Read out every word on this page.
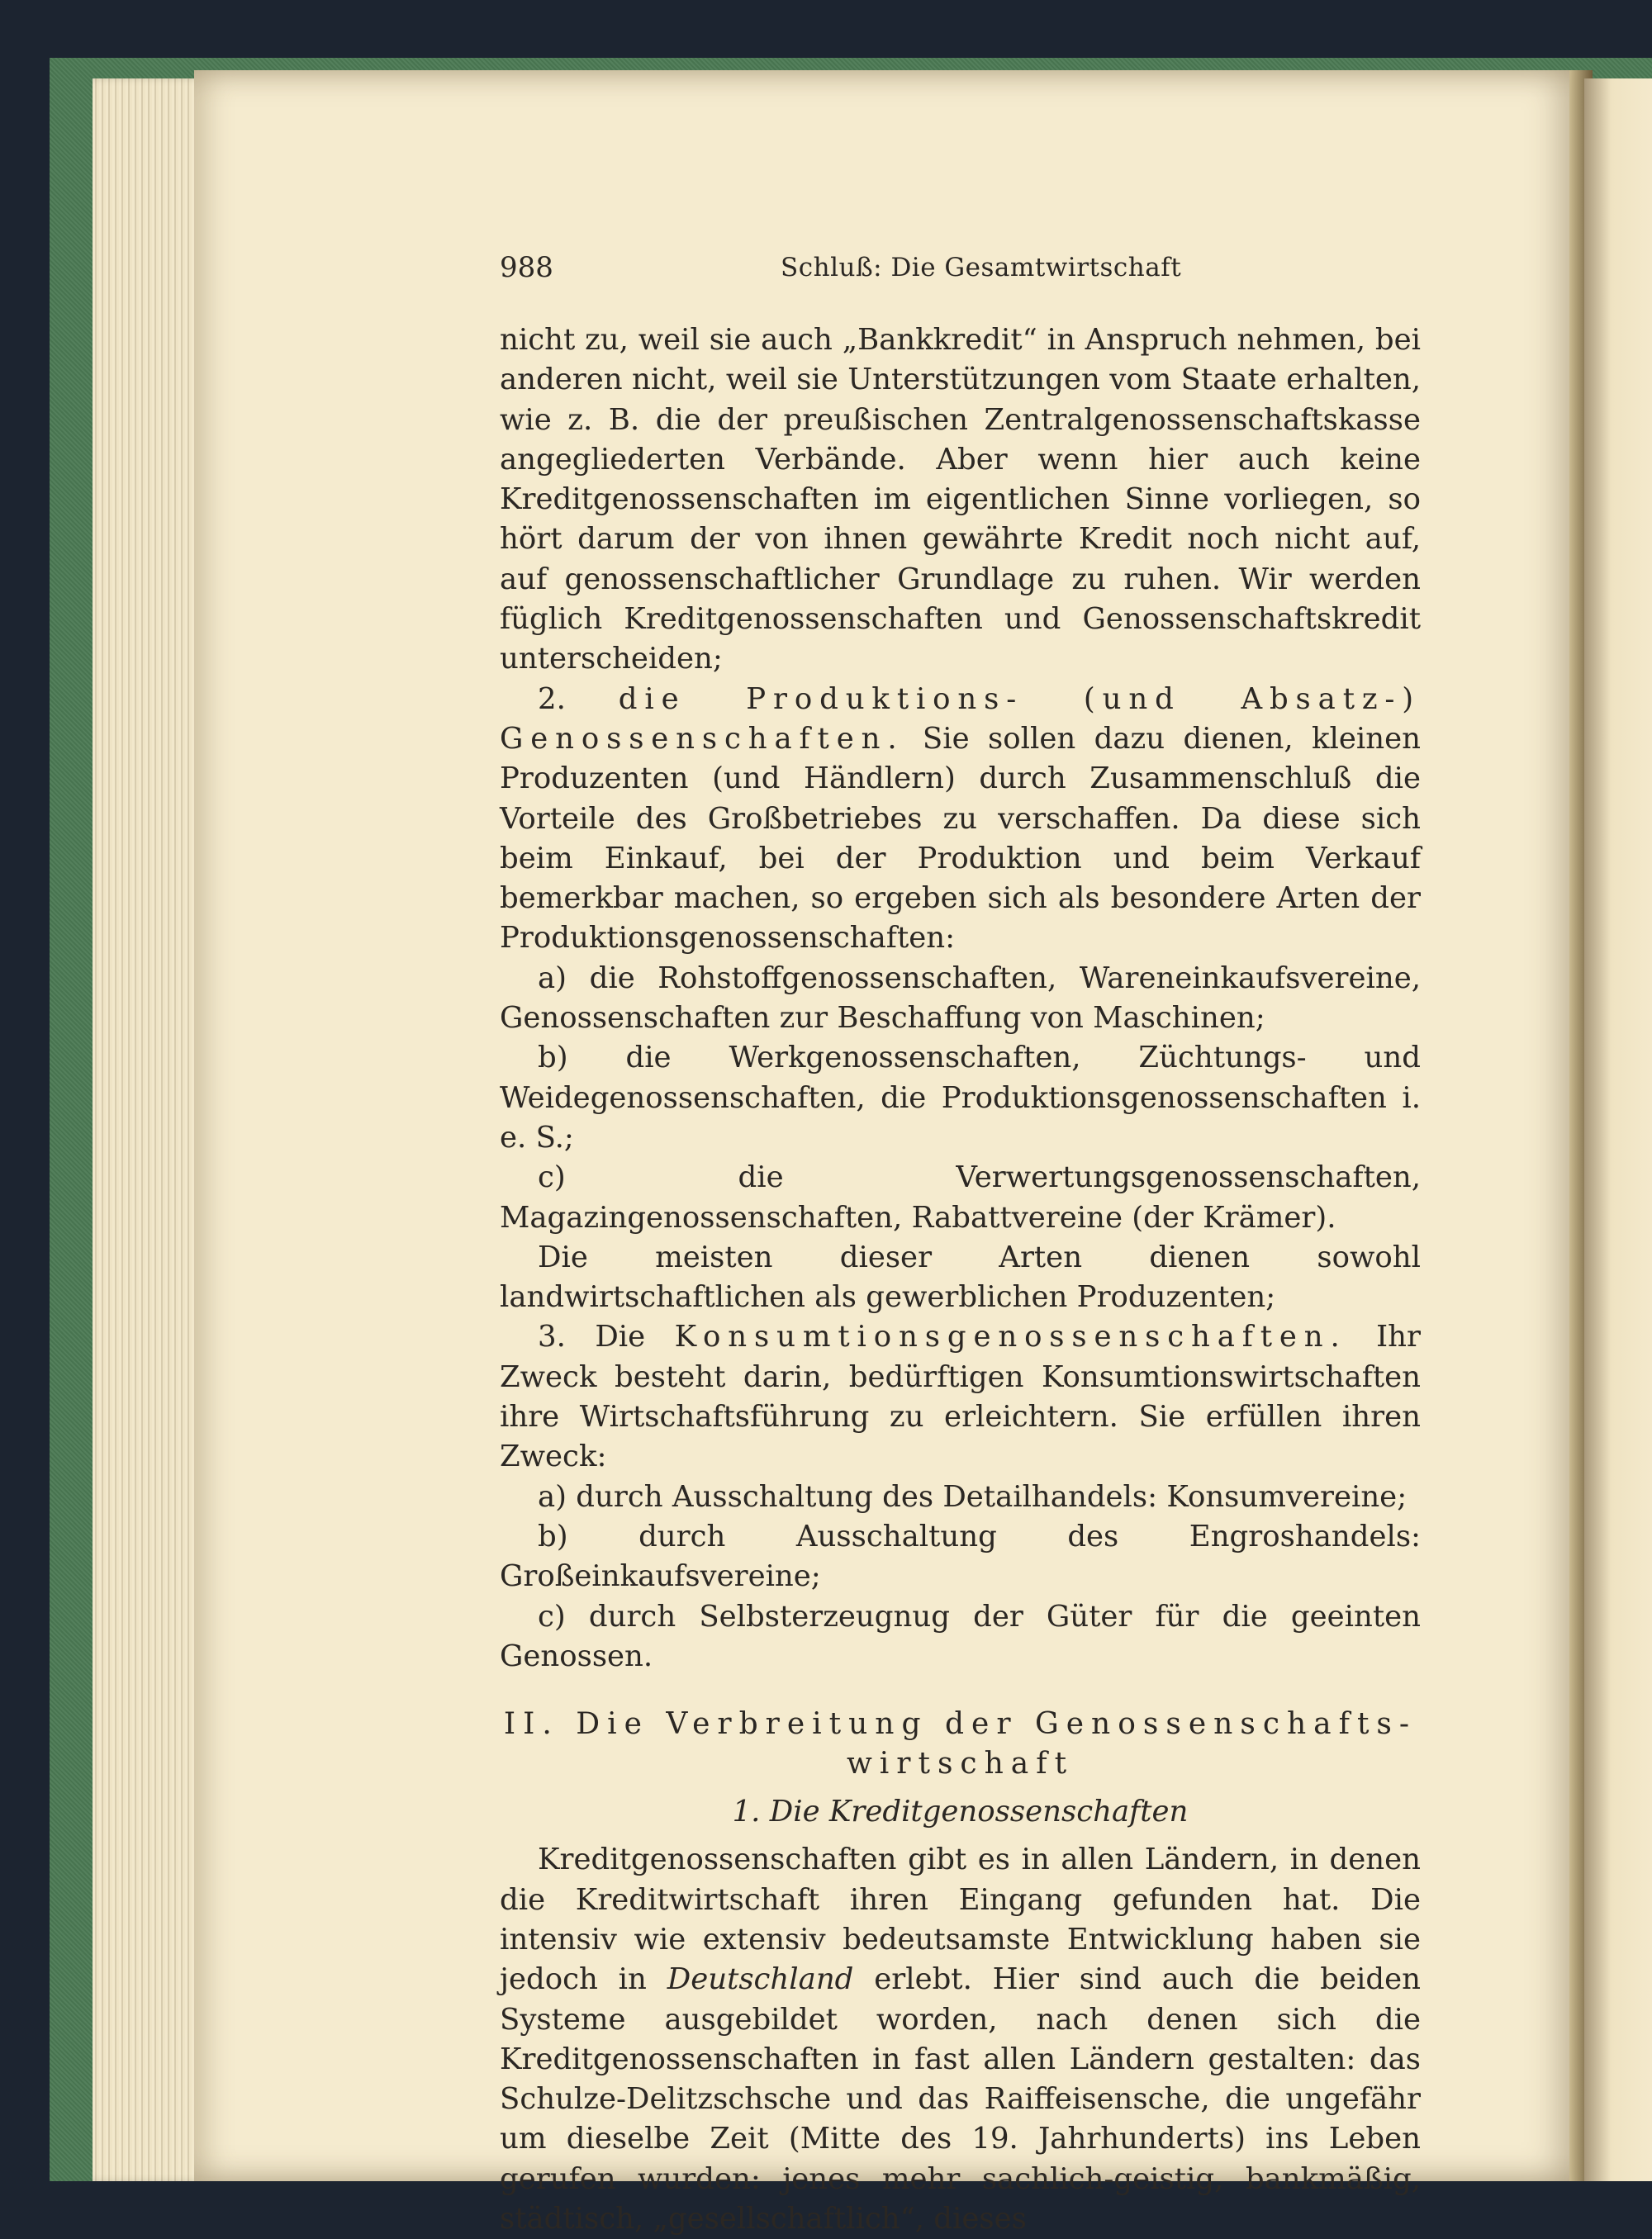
988	Schluß: Die Gesamtwirtschaft

nicht zu, weil sie auch „Bankkredit“ in Anspruch nehmen, bei anderen nicht, weil sie Unterstützungen vom Staate erhalten, wie z. B. die der preußischen Zentralgenossenschaftskasse angegliederten Verbände. Aber wenn hier auch keine Kreditgenossenschaften im eigentlichen Sinne vorliegen, so hört darum der von ihnen gewährte Kredit noch nicht auf, auf genossenschaftlicher Grundlage zu ruhen. Wir werden füglich Kreditgenossenschaften und Genossenschaftskredit unterscheiden;

2. die Produktions- (und Absatz-) Genossenschaften. Sie sollen dazu dienen, kleinen Produzenten (und Händlern) durch Zusammenschluß die Vorteile des Großbetriebes zu verschaffen. Da diese sich beim Einkauf, bei der Produktion und beim Verkauf bemerkbar machen, so ergeben sich als besondere Arten der Produktionsgenossenschaften:

a) die Rohstoffgenossenschaften, Wareneinkaufsvereine, Genossenschaften zur Beschaffung von Maschinen;

b) die Werkgenossenschaften, Züchtungs- und Weidegenossenschaften, die Produktionsgenossenschaften i. e. S.;

c) die Verwertungsgenossenschaften, Magazingenossenschaften, Rabattvereine (der Krämer).

Die meisten dieser Arten dienen sowohl landwirtschaftlichen als gewerblichen Produzenten;

3. Die Konsumtionsgenossenschaften. Ihr Zweck besteht darin, bedürftigen Konsumtionswirtschaften ihre Wirtschaftsführung zu erleichtern. Sie erfüllen ihren Zweck:

a) durch Ausschaltung des Detailhandels: Konsumvereine;

b) durch Ausschaltung des Engroshandels: Großeinkaufsvereine;

c) durch Selbsterzeugnug der Güter für die geeinten Genossen.

II. Die Verbreitung der Genossenschafts-
wirtschaft
1. Die Kreditgenossenschaften

Kreditgenossenschaften gibt es in allen Ländern, in denen die Kreditwirtschaft ihren Eingang gefunden hat. Die intensiv wie extensiv bedeutsamste Entwicklung haben sie jedoch in Deutschland erlebt. Hier sind auch die beiden Systeme ausgebildet worden, nach denen sich die Kreditgenossenschaften in fast allen Ländern gestalten: das Schulze-Delitzschsche und das Raiffeisensche, die ungefähr um dieselbe Zeit (Mitte des 19. Jahrhunderts) ins Leben gerufen wurden: jenes mehr sachlich-geistig, bankmäßig, städtisch, „gesellschaftlich“, dieses
